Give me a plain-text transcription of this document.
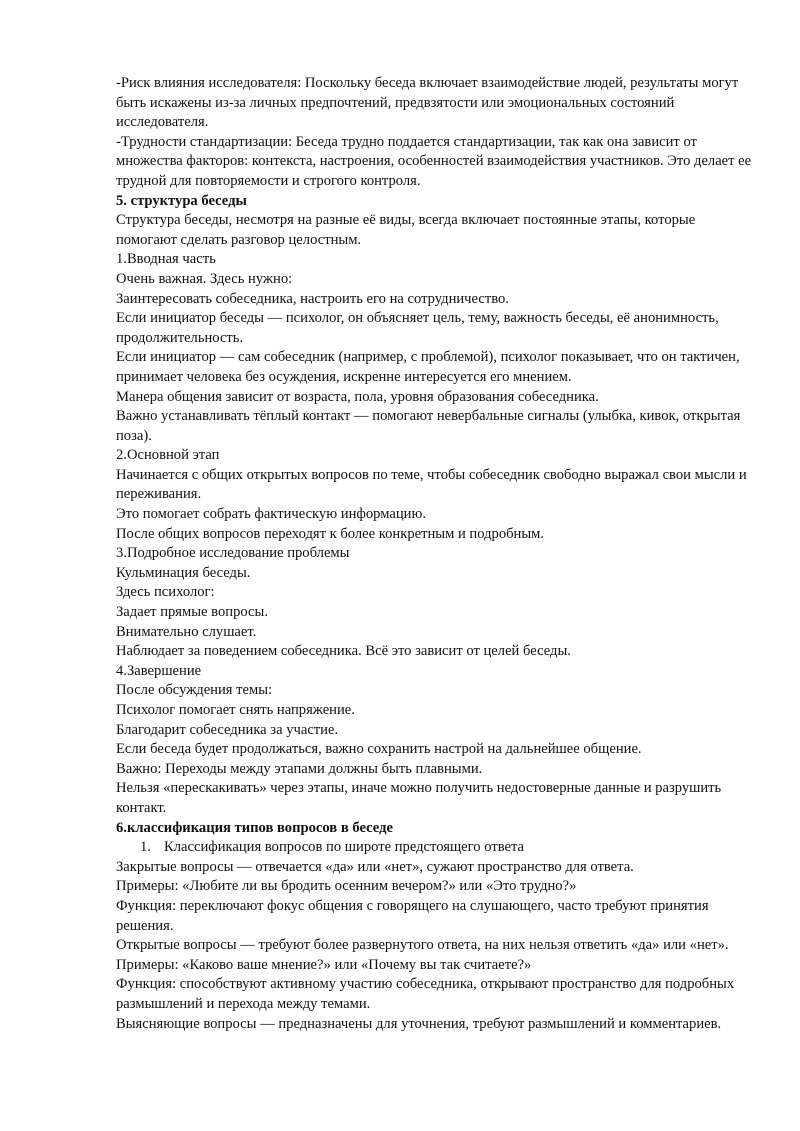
-Риск влияния исследователя: Поскольку беседа включает взаимодействие людей, результаты могут быть искажены из-за личных предпочтений, предвзятости или эмоциональных состояний исследователя.

-Трудности стандартизации: Беседа трудно поддается стандартизации, так как она зависит от множества факторов: контекста, настроения, особенностей взаимодействия участников. Это делает ее трудной для повторяемости и строгого контроля.

5. структура беседы

Структура беседы, несмотря на разные её виды, всегда включает постоянные этапы, которые помогают сделать разговор целостным.

1.Вводная часть

Очень важная. Здесь нужно:

Заинтересовать собеседника, настроить его на сотрудничество.

Если инициатор беседы — психолог, он объясняет цель, тему, важность беседы, её анонимность, продолжительность.

Если инициатор — сам собеседник (например, с проблемой), психолог показывает, что он тактичен, принимает человека без осуждения, искренне интересуется его мнением.

Манера общения зависит от возраста, пола, уровня образования собеседника.

Важно устанавливать тёплый контакт — помогают невербальные сигналы (улыбка, кивок, открытая поза).

2.Основной этап

Начинается с общих открытых вопросов по теме, чтобы собеседник свободно выражал свои мысли и переживания.

Это помогает собрать фактическую информацию.

После общих вопросов переходят к более конкретным и подробным.

3.Подробное исследование проблемы

Кульминация беседы.

Здесь психолог:

Задает прямые вопросы.

Внимательно слушает.

Наблюдает за поведением собеседника. Всё это зависит от целей беседы.

4.Завершение

После обсуждения темы:

Психолог помогает снять напряжение.

Благодарит собеседника за участие.

Если беседа будет продолжаться, важно сохранить настрой на дальнейшее общение.

Важно: Переходы между этапами должны быть плавными.

Нельзя «перескакивать» через этапы, иначе можно получить недостоверные данные и разрушить контакт.

6.классификация типов вопросов в беседе

1. Классификация вопросов по широте предстоящего ответа

Закрытые вопросы — отвечается «да» или «нет», сужают пространство для ответа.

Примеры: «Любите ли вы бродить осенним вечером?» или «Это трудно?»

Функция: переключают фокус общения с говорящего на слушающего, часто требуют принятия решения.

Открытые вопросы — требуют более развернутого ответа, на них нельзя ответить «да» или «нет».

Примеры: «Каково ваше мнение?» или «Почему вы так считаете?»

Функция: способствуют активному участию собеседника, открывают пространство для подробных размышлений и перехода между темами.

Выясняющие вопросы — предназначены для уточнения, требуют размышлений и комментариев.
